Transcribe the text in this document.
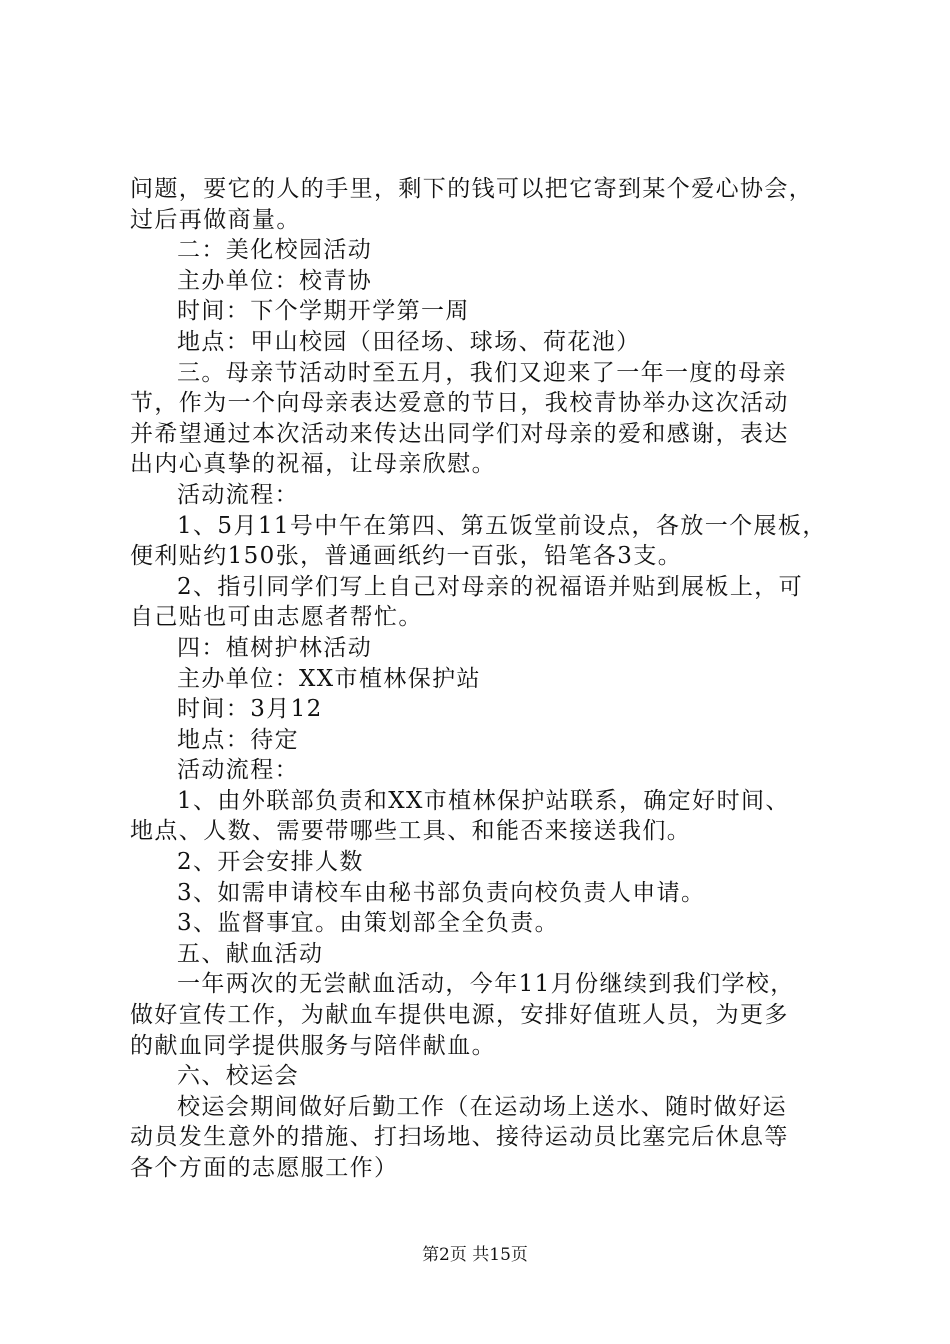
问题，要它的人的手里，剩下的钱可以把它寄到某个爱心协会，
过后再做商量。
二：美化校园活动
主办单位：校青协
时间：下个学期开学第一周
地点：甲山校园（田径场、球场、荷花池）
三。母亲节活动时至五月，我们又迎来了一年一度的母亲
节，作为一个向母亲表达爱意的节日，我校青协举办这次活动
并希望通过本次活动来传达出同学们对母亲的爱和感谢，表达
出内心真挚的祝福，让母亲欣慰。
活动流程：
1、5月11号中午在第四、第五饭堂前设点，各放一个展板，
便利贴约150张，普通画纸约一百张，铅笔各3支。
2、指引同学们写上自己对母亲的祝福语并贴到展板上，可
自己贴也可由志愿者帮忙。
四：植树护林活动
主办单位：XX市植林保护站
时间：3月12
地点：待定
活动流程：
1、由外联部负责和XX市植林保护站联系，确定好时间、
地点、人数、需要带哪些工具、和能否来接送我们。
2、开会安排人数
3、如需申请校车由秘书部负责向校负责人申请。
3、监督事宜。由策划部全全负责。
五、献血活动
一年两次的无尝献血活动，今年11月份继续到我们学校，
做好宣传工作，为献血车提供电源，安排好值班人员，为更多
的献血同学提供服务与陪伴献血。
六、校运会
校运会期间做好后勤工作（在运动场上送水、随时做好运
动员发生意外的措施、打扫场地、接待运动员比塞完后休息等
各个方面的志愿服工作）
第2页 共15页
